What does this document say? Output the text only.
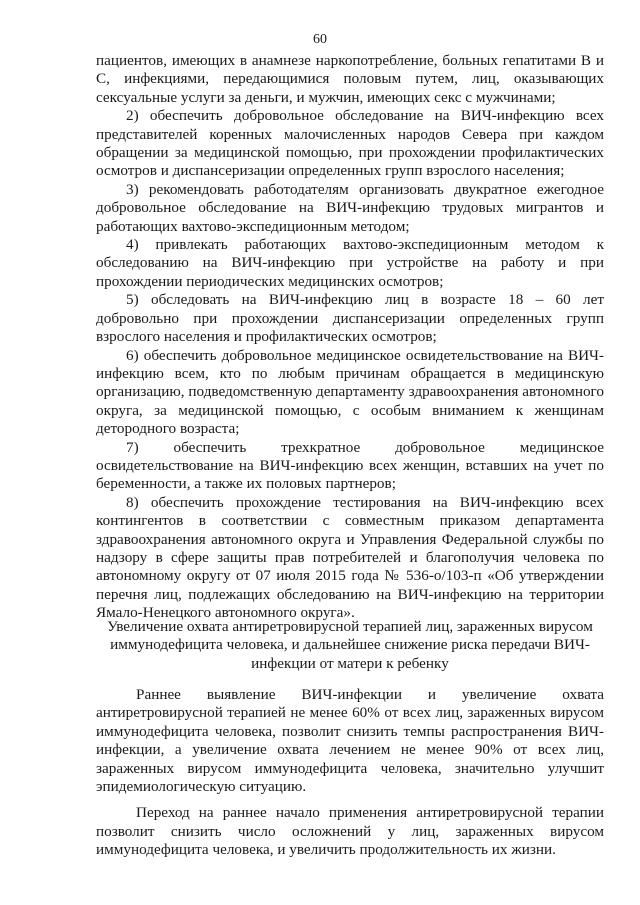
60

пациентов, имеющих в анамнезе наркопотребление, больных гепатитами В и С, инфекциями, передающимися половым путем, лиц, оказывающих сексуальные услуги за деньги, и мужчин, имеющих секс с мужчинами;

2) обеспечить добровольное обследование на ВИЧ-инфекцию всех представителей коренных малочисленных народов Севера при каждом обращении за медицинской помощью, при прохождении профилактических осмотров и диспансеризации определенных групп взрослого населения;

3) рекомендовать работодателям организовать двукратное ежегодное добровольное обследование на ВИЧ-инфекцию трудовых мигрантов и работающих вахтово-экспедиционным методом;

4) привлекать работающих вахтово-экспедиционным методом к обследованию на ВИЧ-инфекцию при устройстве на работу и при прохождении периодических медицинских осмотров;

5) обследовать на ВИЧ-инфекцию лиц в возрасте 18 – 60 лет добровольно при прохождении диспансеризации определенных групп взрослого населения и профилактических осмотров;

6) обеспечить добровольное медицинское освидетельствование на ВИЧ-инфекцию всем, кто по любым причинам обращается в медицинскую организацию, подведомственную департаменту здравоохранения автономного округа, за медицинской помощью, с особым вниманием к женщинам детородного возраста;

7) обеспечить трехкратное добровольное медицинское освидетельствование на ВИЧ-инфекцию всех женщин, вставших на учет по беременности, а также их половых партнеров;

8) обеспечить прохождение тестирования на ВИЧ-инфекцию всех контингентов в соответствии с совместным приказом департамента здравоохранения автономного округа и Управления Федеральной службы по надзору в сфере защиты прав потребителей и благополучия человека по автономному округу от 07 июля 2015 года № 536-о/103-п «Об утверждении перечня лиц, подлежащих обследованию на ВИЧ-инфекцию на территории Ямало-Ненецкого автономного округа».

Увеличение охвата антиретровирусной терапией лиц, зараженных вирусом иммунодефицита человека, и дальнейшее снижение риска передачи ВИЧ-инфекции от матери к ребенку

Раннее выявление ВИЧ-инфекции и увеличение охвата антиретровирусной терапией не менее 60% от всех лиц, зараженных вирусом иммунодефицита человека, позволит снизить темпы распространения ВИЧ-инфекции, а увеличение охвата лечением не менее 90% от всех лиц, зараженных вирусом иммунодефицита человека, значительно улучшит эпидемиологическую ситуацию.

Переход на раннее начало применения антиретровирусной терапии позволит снизить число осложнений у лиц, зараженных вирусом иммунодефицита человека, и увеличить продолжительность их жизни.
